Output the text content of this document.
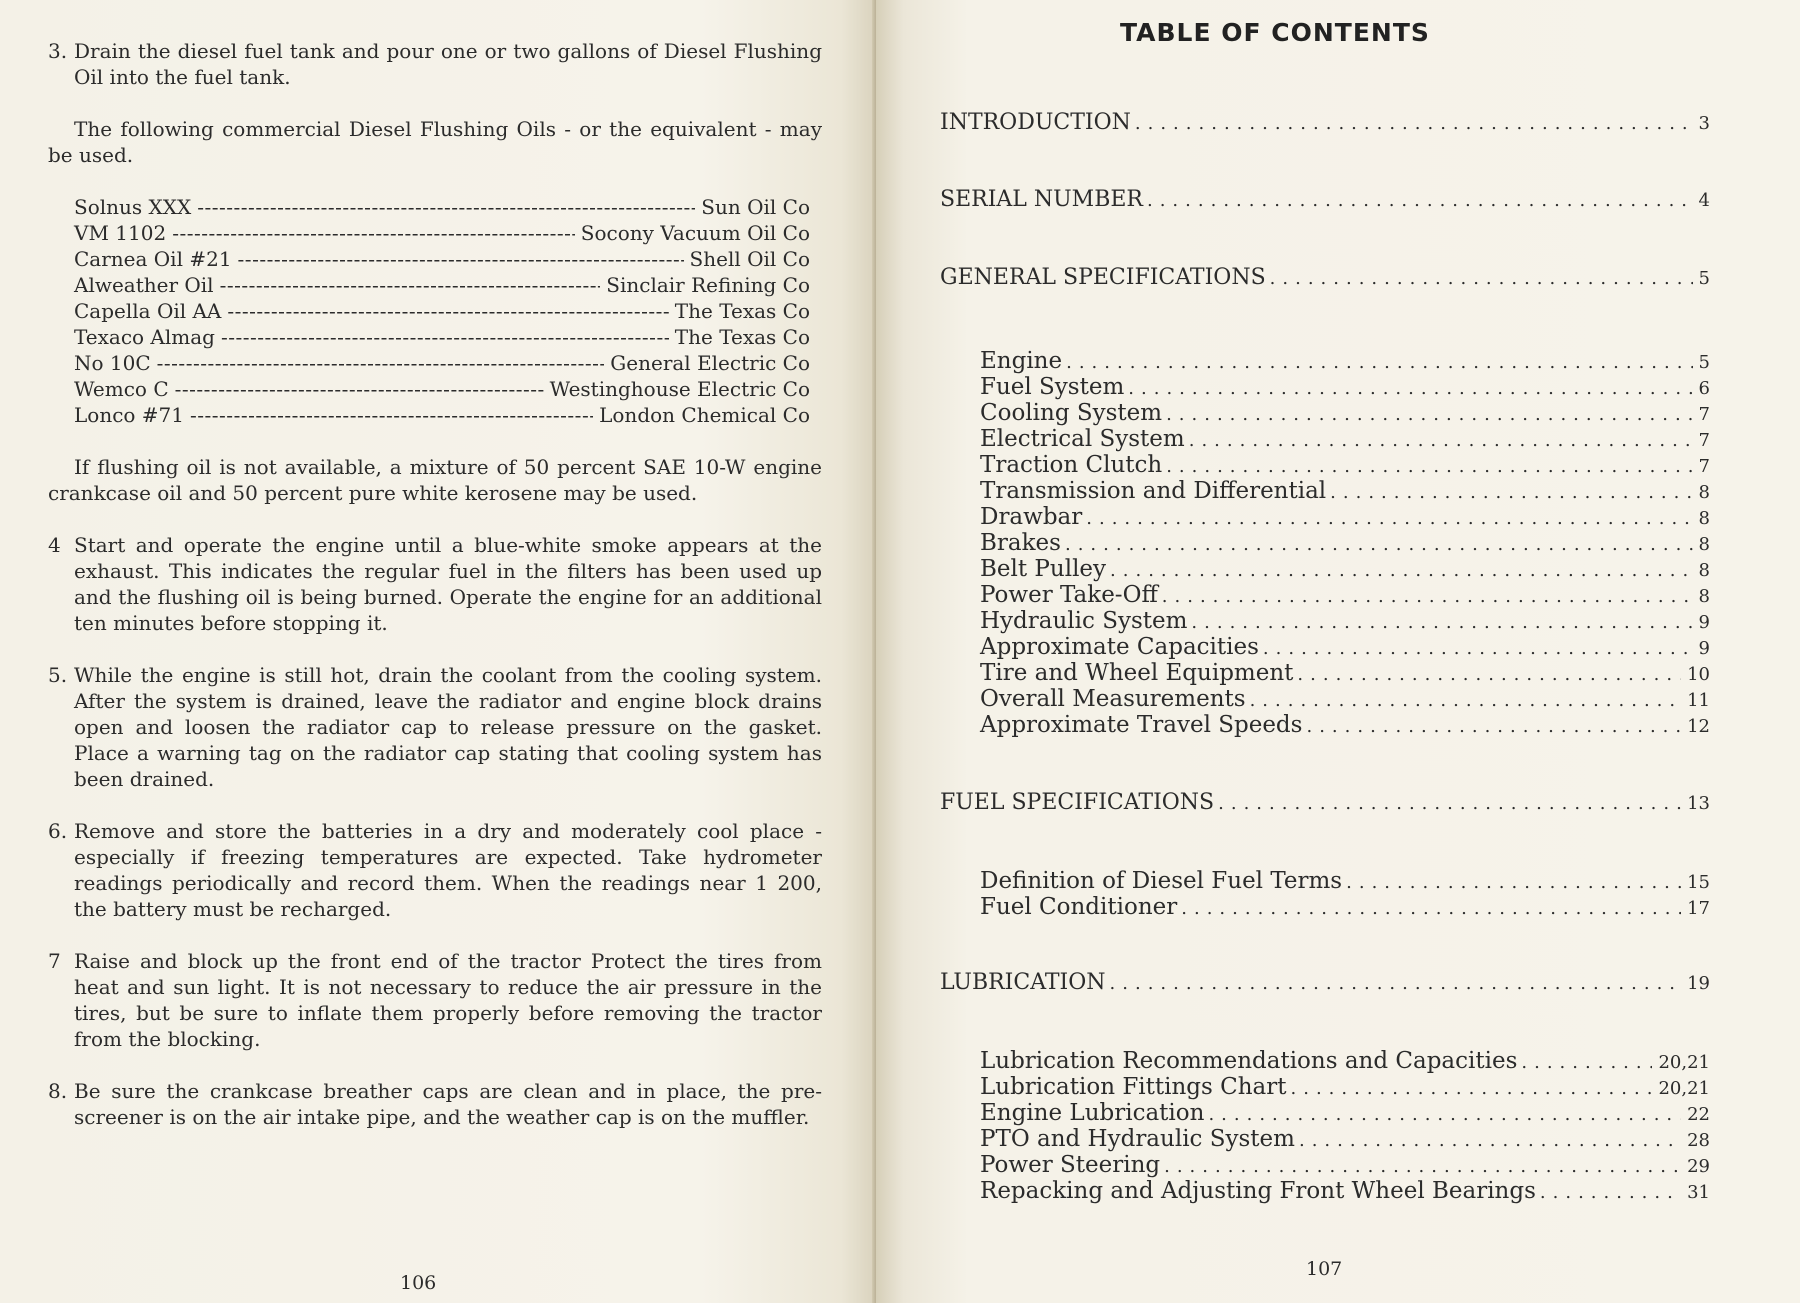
3. Drain the diesel fuel tank and pour one or two gallons of Diesel Flushing Oil into the fuel tank.

The following commercial Diesel Flushing Oils - or the equivalent - may be used.

Solnus XXX -----	Sun Oil Co
VM 1102 -----	Socony Vacuum Oil Co
Carnea Oil #21 -----	Shell Oil Co
Alweather Oil -----	Sinclair Refining Co
Capella Oil AA -----	The Texas Co
Texaco Almag -----	The Texas Co
No 10C -----	General Electric Co
Wemco C -----	Westinghouse Electric Co
Lonco #71 -----	London Chemical Co

If flushing oil is not available, a mixture of 50 percent SAE 10-W engine crankcase oil and 50 percent pure white kerosene may be used.

4 Start and operate the engine until a blue-white smoke appears at the exhaust. This indicates the regular fuel in the filters has been used up and the flushing oil is being burned. Operate the engine for an additional ten minutes before stopping it.
5. While the engine is still hot, drain the coolant from the cooling system. After the system is drained, leave the radiator and engine block drains open and loosen the radiator cap to release pressure on the gasket. Place a warning tag on the radiator cap stating that cooling system has been drained.
6. Remove and store the batteries in a dry and moderately cool place - especially if freezing temperatures are expected. Take hydrometer readings periodically and record them. When the readings near 1 200, the battery must be recharged.
7 Raise and block up the front end of the tractor Protect the tires from heat and sun light. It is not necessary to reduce the air pressure in the tires, but be sure to inflate them properly before removing the tractor from the blocking.
8. Be sure the crankcase breather caps are clean and in place, the pre-screener is on the air intake pipe, and the weather cap is on the muffler.
106
TABLE OF CONTENTS
INTRODUCTION .....	3
SERIAL NUMBER .....	4
GENERAL SPECIFICATIONS .....	5
Engine .....	5
Fuel System .....	6
Cooling System .....	7
Electrical System .....	7
Traction Clutch .....	7
Transmission and Differential .....	8
Drawbar .....	8
Brakes .....	8
Belt Pulley .....	8
Power Take-Off .....	8
Hydraulic System .....	9
Approximate Capacities .....	9
Tire and Wheel Equipment .....	10
Overall Measurements .....	11
Approximate Travel Speeds .....	12
FUEL SPECIFICATIONS .....	13
Definition of Diesel Fuel Terms .....	15
Fuel Conditioner .....	17
LUBRICATION .....	19
Lubrication Recommendations and Capacities .....	20,21
Lubrication Fittings Chart .....	20,21
Engine Lubrication .....	22
PTO and Hydraulic System .....	28
Power Steering .....	29
Repacking and Adjusting Front Wheel Bearings .....	31
107
